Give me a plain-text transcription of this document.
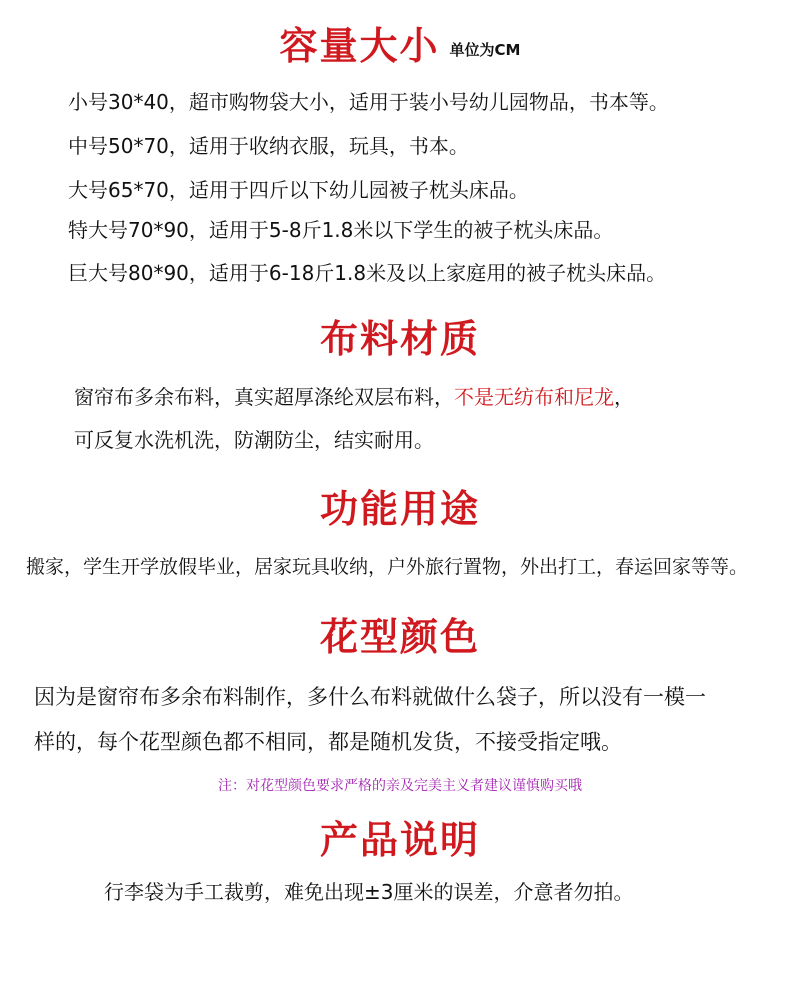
容量大小 单位为CM
小号30*40，超市购物袋大小，适用于装小号幼儿园物品，书本等。
中号50*70，适用于收纳衣服，玩具，书本。
大号65*70，适用于四斤以下幼儿园被子枕头床品。
特大号70*90，适用于5-8斤1.8米以下学生的被子枕头床品。
巨大号80*90，适用于6-18斤1.8米及以上家庭用的被子枕头床品。
布料材质
窗帘布多余布料，真实超厚涤纶双层布料，不是无纺布和尼龙，
可反复水洗机洗，防潮防尘，结实耐用。
功能用途
搬家，学生开学放假毕业，居家玩具收纳，户外旅行置物，外出打工，春运回家等等。
花型颜色
因为是窗帘布多余布料制作，多什么布料就做什么袋子，所以没有一模一
样的，每个花型颜色都不相同，都是随机发货，不接受指定哦。
注：对花型颜色要求严格的亲及完美主义者建议谨慎购买哦
产品说明
行李袋为手工裁剪，难免出现±3厘米的误差，介意者勿拍。
